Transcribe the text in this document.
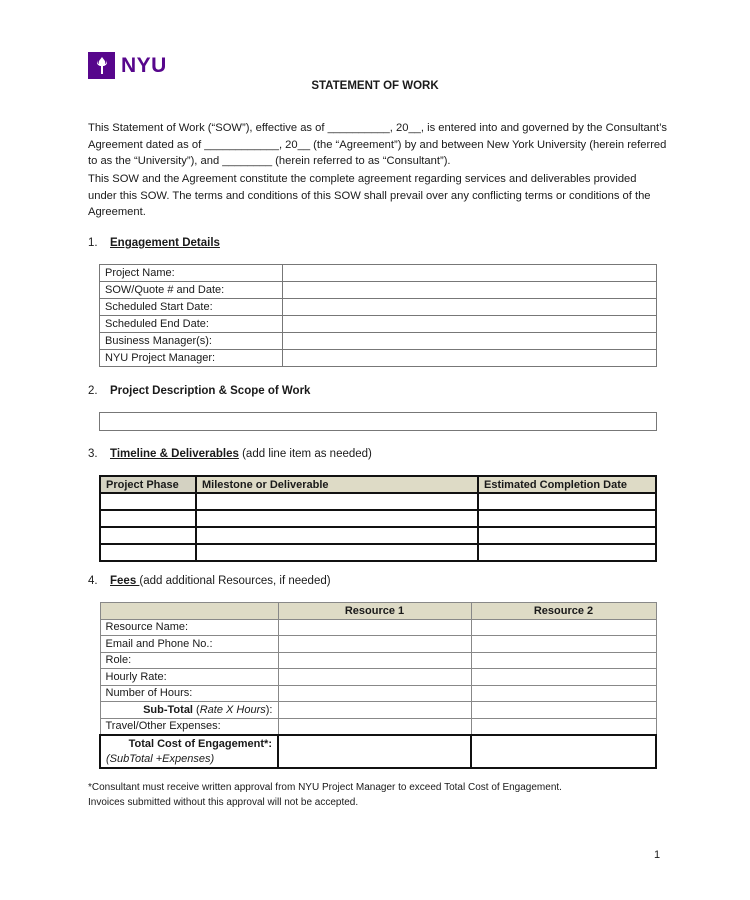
NYU
STATEMENT OF WORK
This Statement of Work (“SOW”), effective as of __________, 20__, is entered into and governed by the Consultant’s Agreement dated as of ____________, 20__ (the “Agreement”) by and between New York University (herein referred to as the “University”), and ________ (herein referred to as “Consultant”).
This SOW and the Agreement constitute the complete agreement regarding services and deliverables provided under this SOW. The terms and conditions of this SOW shall prevail over any conflicting terms or conditions of the Agreement.
1. Engagement Details
Project Name:	
SOW/Quote # and Date:	
Scheduled Start Date:	
Scheduled End Date:	
Business Manager(s):	
NYU Project Manager:	
2. Project Description & Scope of Work
3. Timeline & Deliverables (add line item as needed)
Project Phase	Milestone or Deliverable	Estimated Completion Date

4. Fees (add additional Resources, if needed)
	Resource 1	Resource 2
Resource Name:		
Email and Phone No.:		
Role:		
Hourly Rate:		
Number of Hours:		
Sub-Total (Rate X Hours):		
Travel/Other Expenses:		
Total Cost of Engagement*:		
(SubTotal +Expenses)		
*Consultant must receive written approval from NYU Project Manager to exceed Total Cost of Engagement.
Invoices submitted without this approval will not be accepted.
1
